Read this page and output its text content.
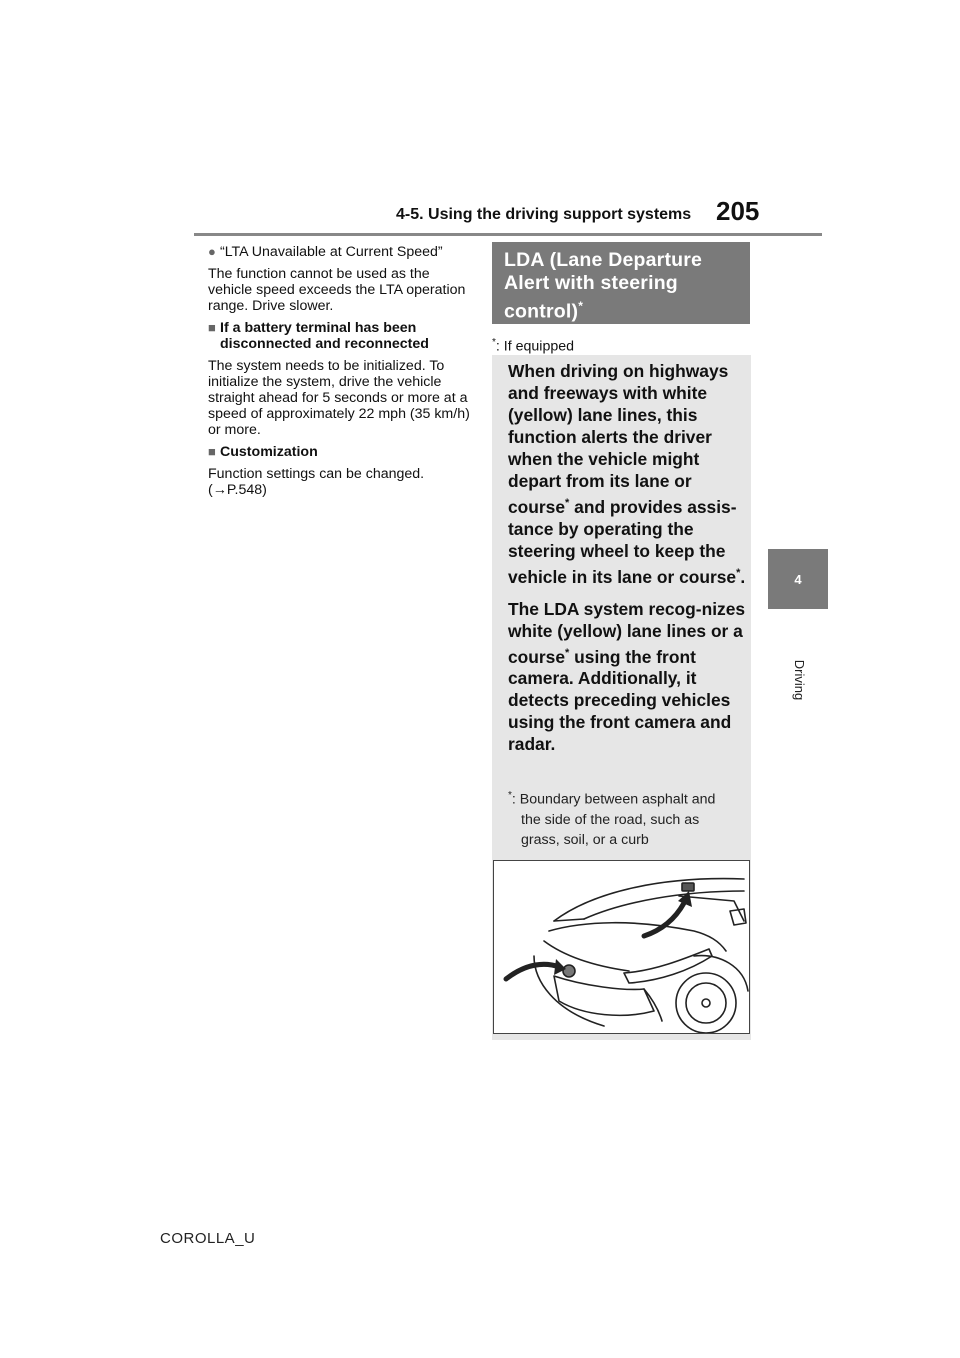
4-5. Using the driving support systems 205
4
Driving
● “LTA Unavailable at Current Speed”
The function cannot be used as the vehicle speed exceeds the LTA operation range. Drive slower.
■ If a battery terminal has been disconnected and reconnected
The system needs to be initialized. To initialize the system, drive the vehicle straight ahead for 5 seconds or more at a speed of approximately 22 mph (35 km/h) or more.
■ Customization
Function settings can be changed.
(→P.548)
LDA (Lane Departure Alert with steering control)*
*: If equipped

When driving on highways and freeways with white (yellow) lane lines, this function alerts the driver when the vehicle might depart from its lane or course* and provides assis-tance by operating the steering wheel to keep the vehicle in its lane or course*.

The LDA system recog-nizes white (yellow) lane lines or a course* using the front camera. Additionally, it detects preceding vehicles using the front camera and radar.

*: Boundary between asphalt and
the side of the road, such as
grass, soil, or a curb
COROLLA_U
